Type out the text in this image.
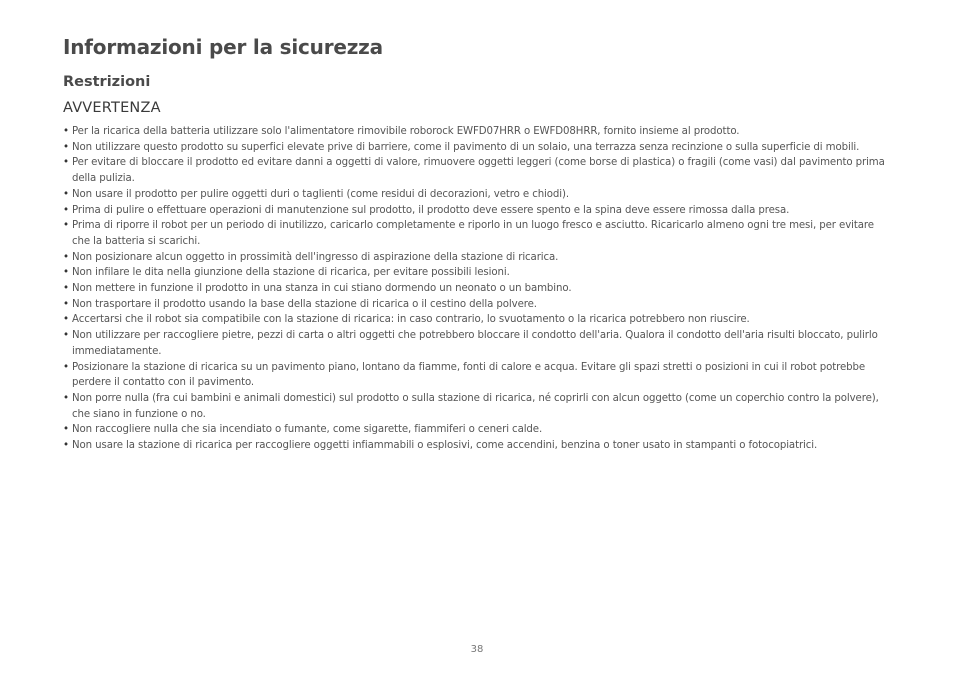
Informazioni per la sicurezza
Restrizioni
AVVERTENZA
• Per la ricarica della batteria utilizzare solo l'alimentatore rimovibile roborock EWFD07HRR o EWFD08HRR, fornito insieme al prodotto.
• Non utilizzare questo prodotto su superfici elevate prive di barriere, come il pavimento di un solaio, una terrazza senza recinzione o sulla superficie di mobili.
• Per evitare di bloccare il prodotto ed evitare danni a oggetti di valore, rimuovere oggetti leggeri (come borse di plastica) o fragili (come vasi) dal pavimento prima della pulizia.
• Non usare il prodotto per pulire oggetti duri o taglienti (come residui di decorazioni, vetro e chiodi).
• Prima di pulire o effettuare operazioni di manutenzione sul prodotto, il prodotto deve essere spento e la spina deve essere rimossa dalla presa.
• Prima di riporre il robot per un periodo di inutilizzo, caricarlo completamente e riporlo in un luogo fresco e asciutto. Ricaricarlo almeno ogni tre mesi, per evitare che la batteria si scarichi.
• Non posizionare alcun oggetto in prossimità dell'ingresso di aspirazione della stazione di ricarica.
• Non infilare le dita nella giunzione della stazione di ricarica, per evitare possibili lesioni.
• Non mettere in funzione il prodotto in una stanza in cui stiano dormendo un neonato o un bambino.
• Non trasportare il prodotto usando la base della stazione di ricarica o il cestino della polvere.
• Accertarsi che il robot sia compatibile con la stazione di ricarica: in caso contrario, lo svuotamento o la ricarica potrebbero non riuscire.
• Non utilizzare per raccogliere pietre, pezzi di carta o altri oggetti che potrebbero bloccare il condotto dell'aria. Qualora il condotto dell'aria risulti bloccato, pulirlo immediatamente.
• Posizionare la stazione di ricarica su un pavimento piano, lontano da fiamme, fonti di calore e acqua. Evitare gli spazi stretti o posizioni in cui il robot potrebbe perdere il contatto con il pavimento.
• Non porre nulla (fra cui bambini e animali domestici) sul prodotto o sulla stazione di ricarica, né coprirli con alcun oggetto (come un coperchio contro la polvere), che siano in funzione o no.
• Non raccogliere nulla che sia incendiato o fumante, come sigarette, fiammiferi o ceneri calde.
• Non usare la stazione di ricarica per raccogliere oggetti infiammabili o esplosivi, come accendini, benzina o toner usato in stampanti o fotocopiatrici.
38
